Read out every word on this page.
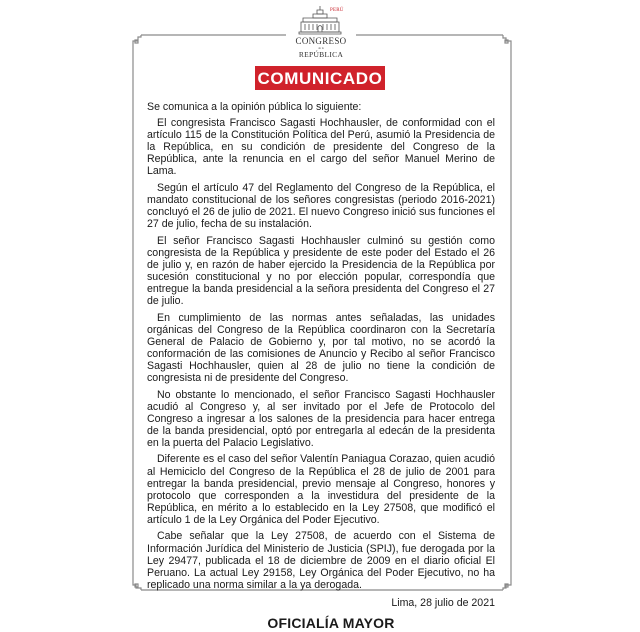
PERÚ
CONGRESO
de la
REPÚBLICA
COMUNICADO

Se comunica a la opinión pública lo siguiente:

El congresista Francisco Sagasti Hochhausler, de conformidad con el artículo 115 de la Constitución Política del Perú, asumió la Presidencia de la República, en su condición de presidente del Congreso de la República, ante la renuncia en el cargo del señor Manuel Merino de Lama.

Según el artículo 47 del Reglamento del Congreso de la República, el mandato constitucional de los señores congresistas (periodo 2016-2021) concluyó el 26 de julio de 2021. El nuevo Congreso inició sus funciones el 27 de julio, fecha de su instalación.

El señor Francisco Sagasti Hochhausler culminó su gestión como congresista de la República y presidente de este poder del Estado el 26 de julio y, en razón de haber ejercido la Presidencia de la República por sucesión constitucional y no por elección popular, correspondía que entregue la banda presidencial a la señora presidenta del Congreso el 27 de julio.

En cumplimiento de las normas antes señaladas, las unidades orgánicas del Congreso de la República coordinaron con la Secretaría General de Palacio de Gobierno y, por tal motivo, no se acordó la conformación de las comisiones de Anuncio y Recibo al señor Francisco Sagasti Hochhausler, quien al 28 de julio no tiene la condición de congresista ni de presidente del Congreso.

No obstante lo mencionado, el señor Francisco Sagasti Hochhausler acudió al Congreso y, al ser invitado por el Jefe de Protocolo del Congreso a ingresar a los salones de la presidencia para hacer entrega de la banda presidencial, optó por entregarla al edecán de la presidenta en la puerta del Palacio Legislativo.

Diferente es el caso del señor Valentín Paniagua Corazao, quien acudió al Hemiciclo del Congreso de la República el 28 de julio de 2001 para entregar la banda presidencial, previo mensaje al Congreso, honores y protocolo que corresponden a la investidura del presidente de la República, en mérito a lo establecido en la Ley 27508, que modificó el artículo 1 de la Ley Orgánica del Poder Ejecutivo.

Cabe señalar que la Ley 27508, de acuerdo con el Sistema de Información Jurídica del Ministerio de Justicia (SPIJ), fue derogada por la Ley 29477, publicada el 18 de diciembre de 2009 en el diario oficial El Peruano. La actual Ley 29158, Ley Orgánica del Poder Ejecutivo, no ha replicado una norma similar a la ya derogada.

Lima, 28 julio de 2021
OFICIALÍA MAYOR
